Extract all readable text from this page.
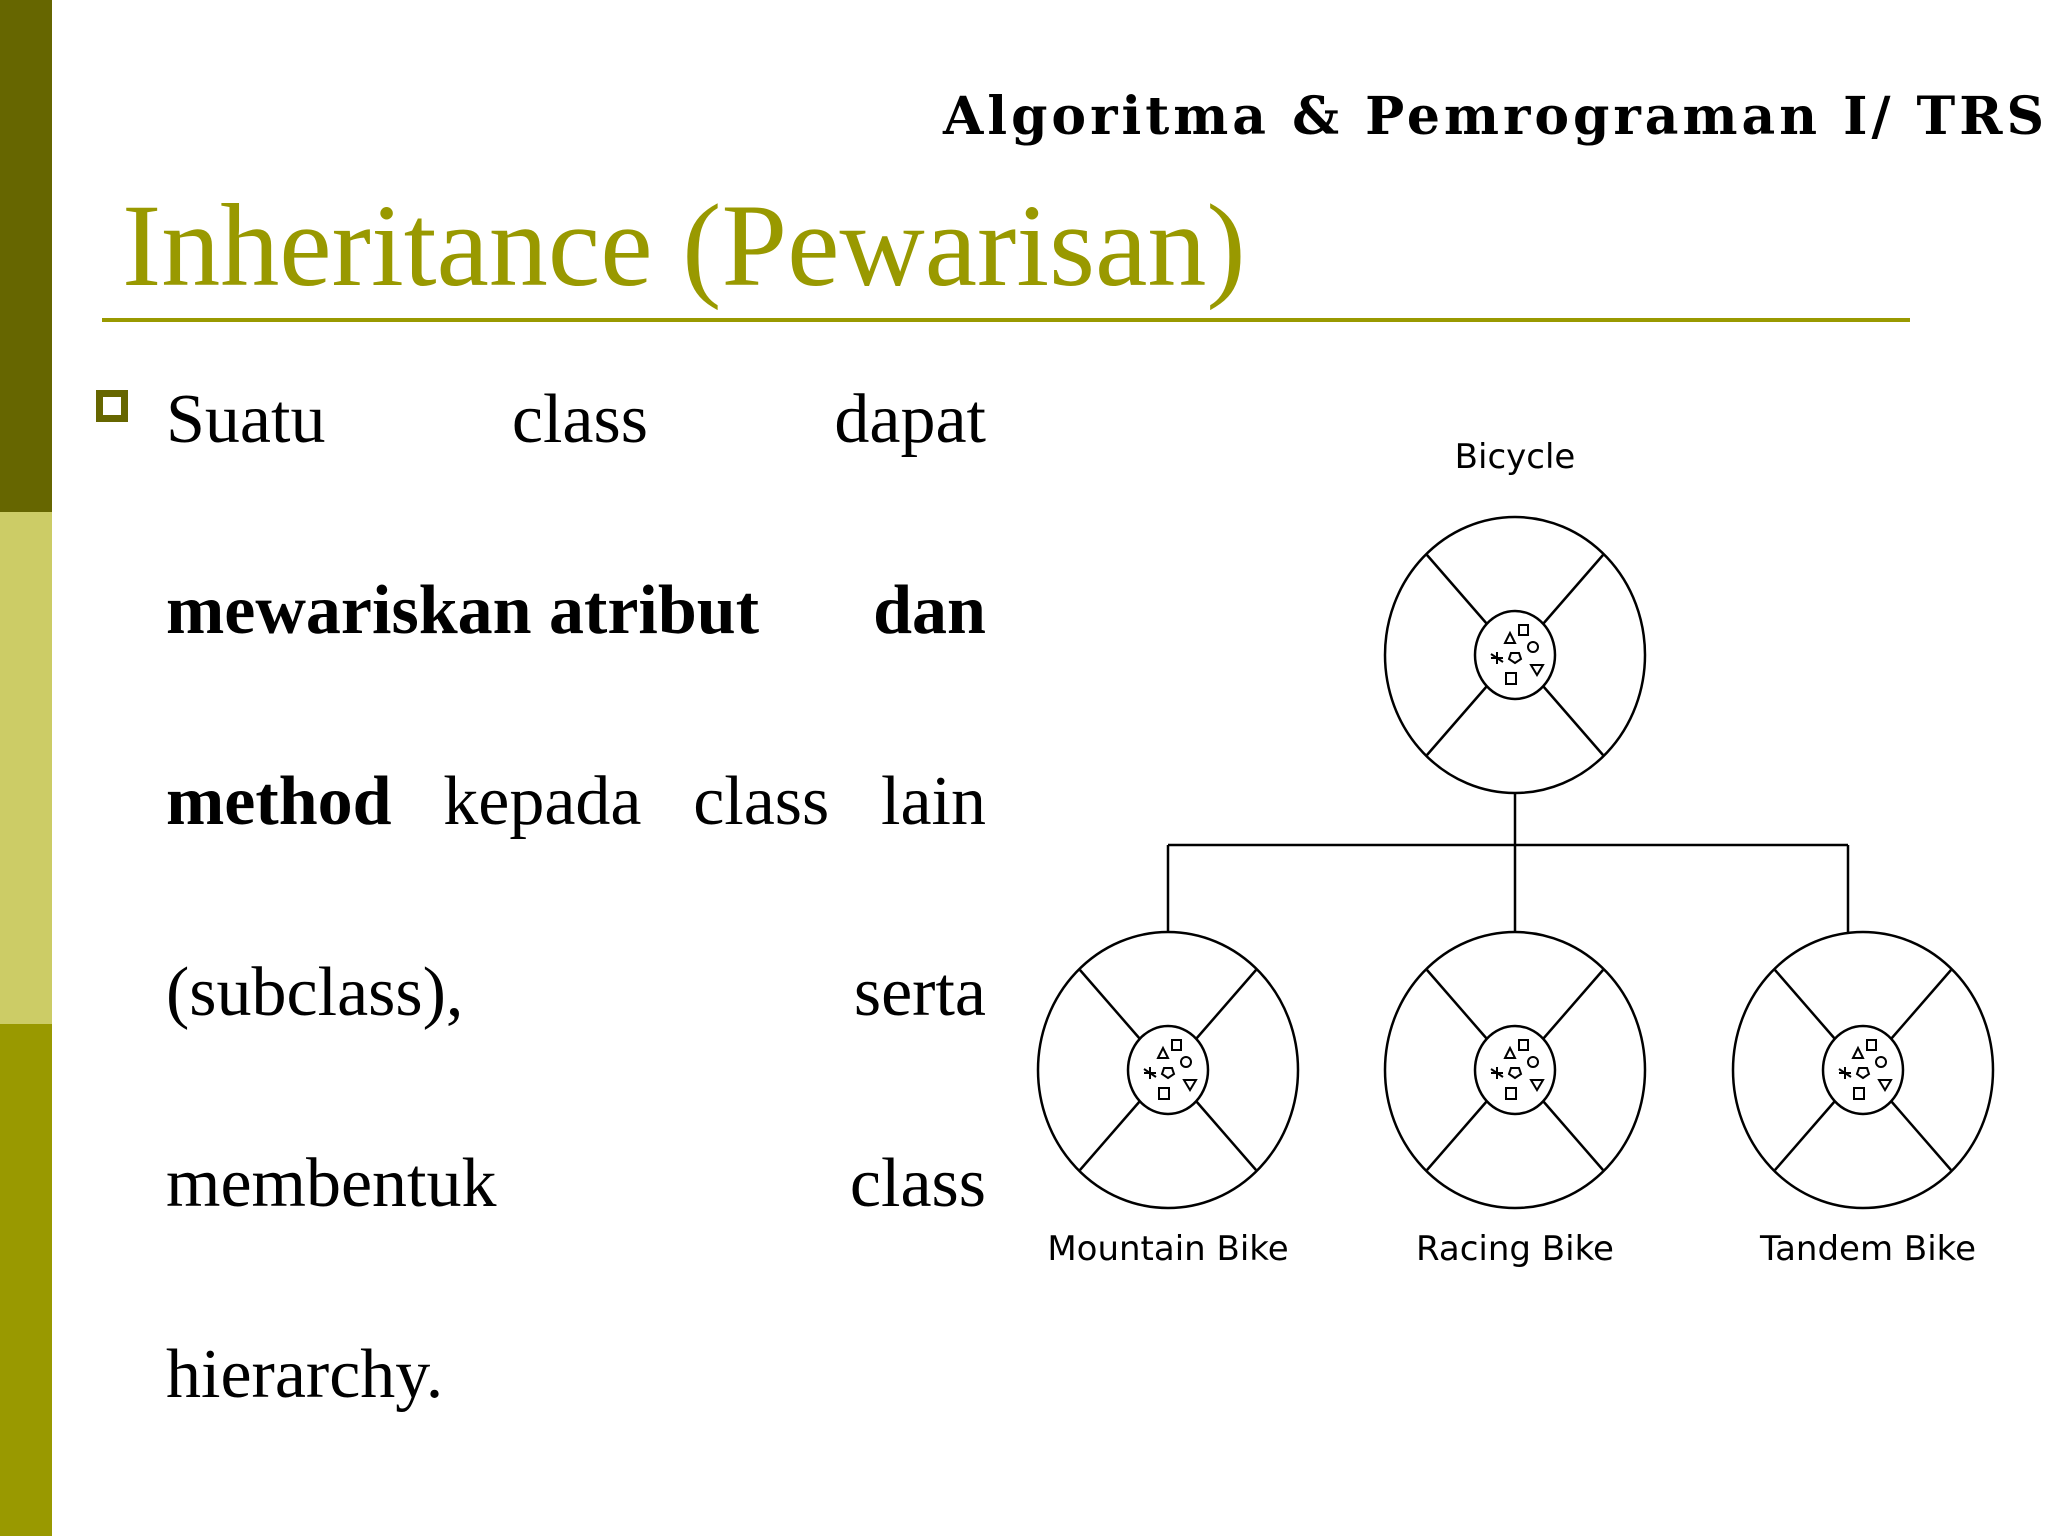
Algoritma & Pemrograman I/ TRS
Inheritance (Pewarisan)
Suatu	class	dapat
mewariskan atribut dan
method kepada class lain
(subclass),	serta
membentuk	class
hierarchy.
Bicycle
Mountain Bike	Racing Bike	Tandem Bike
